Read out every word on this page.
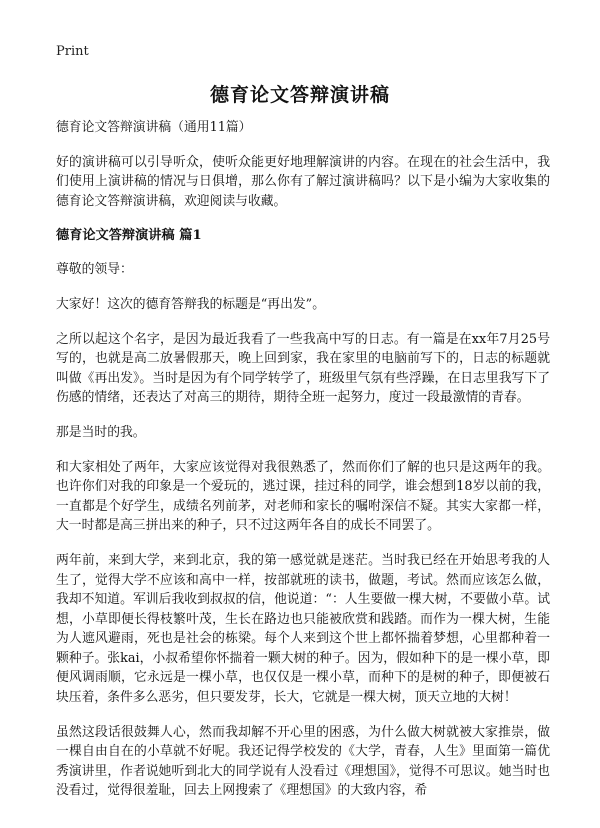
Print
德育论文答辩演讲稿

德育论文答辩演讲稿（通用11篇）

好的演讲稿可以引导听众，使听众能更好地理解演讲的内容。在现在的社会生活中，我们使用上演讲稿的情况与日俱增，那么你有了解过演讲稿吗？以下是小编为大家收集的德育论文答辩演讲稿，欢迎阅读与收藏。

德育论文答辩演讲稿 篇1

尊敬的领导：

大家好！这次的德育答辩我的标题是“再出发”。

之所以起这个名字，是因为最近我看了一些我高中写的日志。有一篇是在xx年7月25号写的，也就是高二放暑假那天，晚上回到家，我在家里的电脑前写下的，日志的标题就叫做《再出发》。当时是因为有个同学转学了，班级里气氛有些浮躁，在日志里我写下了伤感的情绪，还表达了对高三的期待，期待全班一起努力，度过一段最激情的青春。

那是当时的我。

和大家相处了两年，大家应该觉得对我很熟悉了，然而你们了解的也只是这两年的我。也许你们对我的印象是一个爱玩的，逃过课，挂过科的同学，谁会想到18岁以前的我，一直都是个好学生，成绩名列前茅，对老师和家长的嘱咐深信不疑。其实大家都一样，大一时都是高三拼出来的种子，只不过这两年各自的成长不同罢了。

两年前，来到大学，来到北京，我的第一感觉就是迷茫。当时我已经在开始思考我的人生了，觉得大学不应该和高中一样，按部就班的读书，做题，考试。然而应该怎么做，我却不知道。军训后我收到叔叔的信，他说道：“：人生要做一棵大树，不要做小草。试想，小草即便长得枝繁叶茂，生长在路边也只能被欣赏和践踏。而作为一棵大树，生能为人遮风避雨，死也是社会的栋梁。每个人来到这个世上都怀揣着梦想，心里都种着一颗种子。张kai，小叔希望你怀揣着一颗大树的种子。因为，假如种下的是一棵小草，即便风调雨顺，它永远是一棵小草，也仅仅是一棵小草，而种下的是树的种子，即便被石块压着，条件多么恶劣，但只要发芽，长大，它就是一棵大树，顶天立地的大树！

虽然这段话很鼓舞人心，然而我却解不开心里的困惑，为什么做大树就被大家推崇，做一棵自由自在的小草就不好呢。我还记得学校发的《大学，青春，人生》里面第一篇优秀演讲里，作者说她听到北大的同学说有人没看过《理想国》，觉得不可思议。她当时也没看过，觉得很羞耻，回去上网搜索了《理想国》的大致内容，希
